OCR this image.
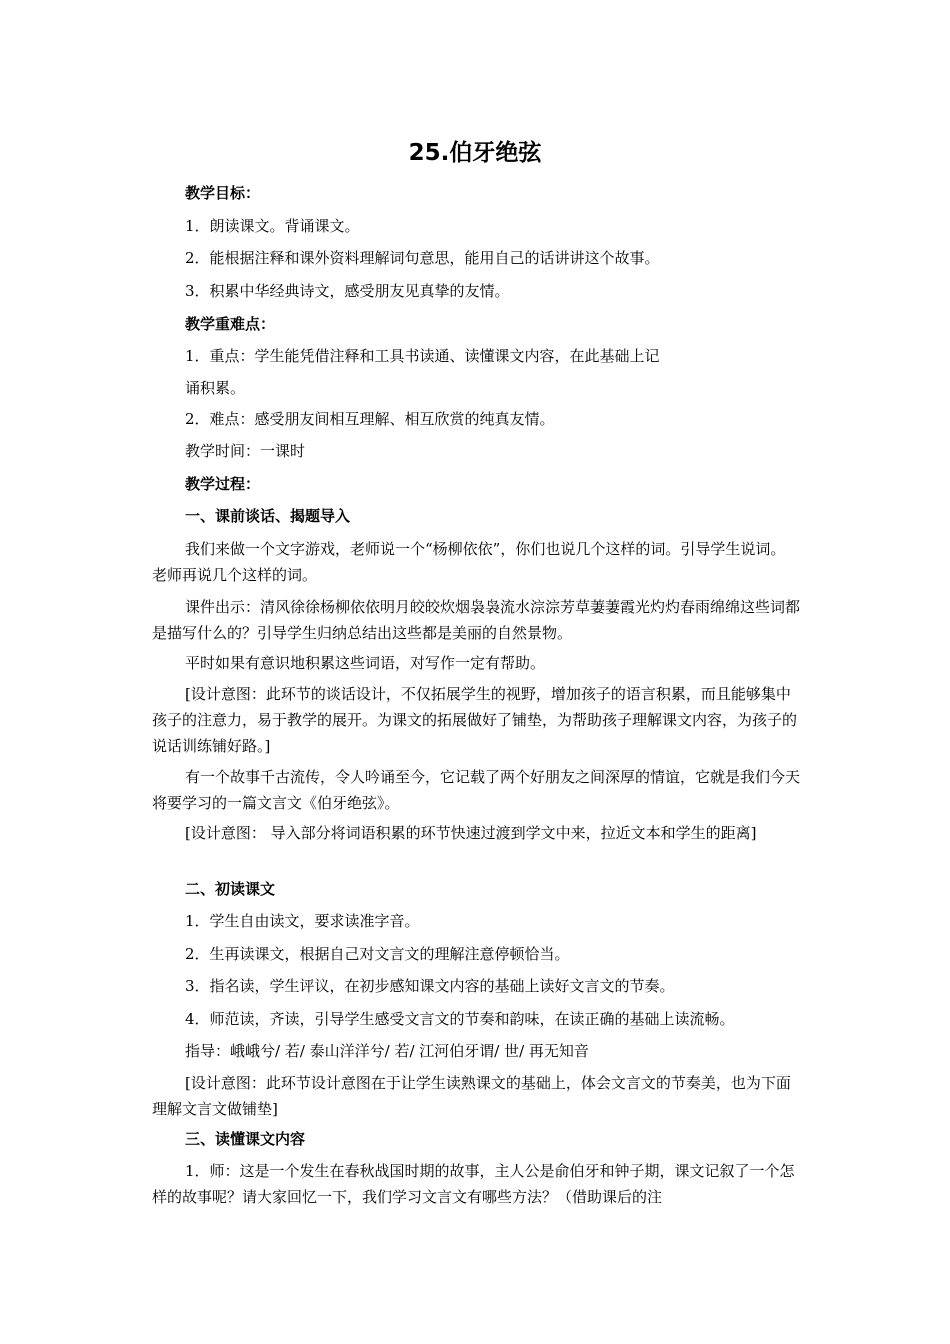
25.伯牙绝弦
教学目标：
1．朗读课文。背诵课文。
2．能根据注释和课外资料理解词句意思，能用自己的话讲讲这个故事。
3．积累中华经典诗文，感受朋友见真挚的友情。
教学重难点：
1．重点：学生能凭借注释和工具书读通、读懂课文内容，在此基础上记
诵积累。
2．难点：感受朋友间相互理解、相互欣赏的纯真友情。
教学时间：一课时
教学过程：
一、课前谈话、揭题导入
我们来做一个文字游戏，老师说一个“杨柳依依”，你们也说几个这样的词。引导学生说词。老师再说几个这样的词。
课件出示：清风徐徐杨柳依依明月皎皎炊烟袅袅流水淙淙芳草萋萋霞光灼灼春雨绵绵这些词都是描写什么的？引导学生归纳总结出这些都是美丽的自然景物。
平时如果有意识地积累这些词语，对写作一定有帮助。
[设计意图：此环节的谈话设计，不仅拓展学生的视野，增加孩子的语言积累，而且能够集中孩子的注意力，易于教学的展开。为课文的拓展做好了铺垫，为帮助孩子理解课文内容，为孩子的说话训练铺好路。]
有一个故事千古流传，令人吟诵至今，它记载了两个好朋友之间深厚的情谊，它就是我们今天将要学习的一篇文言文《伯牙绝弦》。
[设计意图： 导入部分将词语积累的环节快速过渡到学文中来，拉近文本和学生的距离]
二、初读课文
1．学生自由读文，要求读准字音。
2．生再读课文，根据自己对文言文的理解注意停顿恰当。
3．指名读，学生评议，在初步感知课文内容的基础上读好文言文的节奏。
4．师范读，齐读，引导学生感受文言文的节奏和韵味，在读正确的基础上读流畅。
指导：峨峨兮/ 若/ 泰山洋洋兮/ 若/ 江河伯牙谓/ 世/ 再无知音
[设计意图：此环节设计意图在于让学生读熟课文的基础上，体会文言文的节奏美，也为下面理解文言文做铺垫]
三、读懂课文内容
1．师：这是一个发生在春秋战国时期的故事，主人公是俞伯牙和钟子期，课文记叙了一个怎样的故事呢？请大家回忆一下，我们学习文言文有哪些方法？（借助课后的注
